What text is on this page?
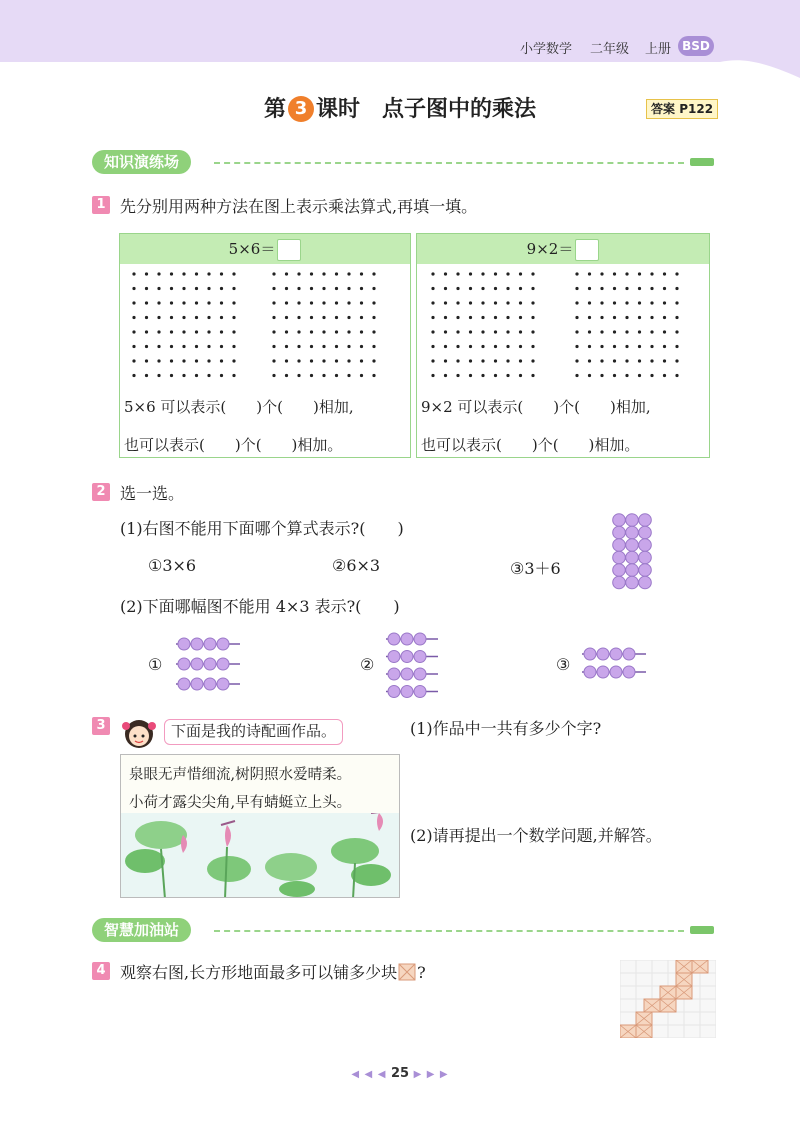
小学数学 二年级 上册 BSD
第 3 课时 点子图中的乘法	答案 P122
知识演练场
1 先分别用两种方法在图上表示乘法算式,再填一填。
5×6＝
5×6 可以表示(　　)个(　　)相加,
也可以表示(　　)个(　　)相加。
9×2＝
9×2 可以表示(　　)个(　　)相加,
也可以表示(　　)个(　　)相加。
2 选一选。
(1)右图不能用下面哪个算式表示?(　　)
①3×6	②6×3	③3＋6
(2)下面哪幅图不能用 4×3 表示?(　　)
①	②	③
3	下面是我的诗配画作品。	(1)作品中一共有多少个字?
(2)请再提出一个数学问题,并解答。
泉眼无声惜细流,树阴照水爱晴柔。
小荷才露尖尖角,早有蜻蜓立上头。
智慧加油站
4 观察右图,长方形地面最多可以铺多少块 ?
◀ ◀ ◀ 25 ▶ ▶ ▶
